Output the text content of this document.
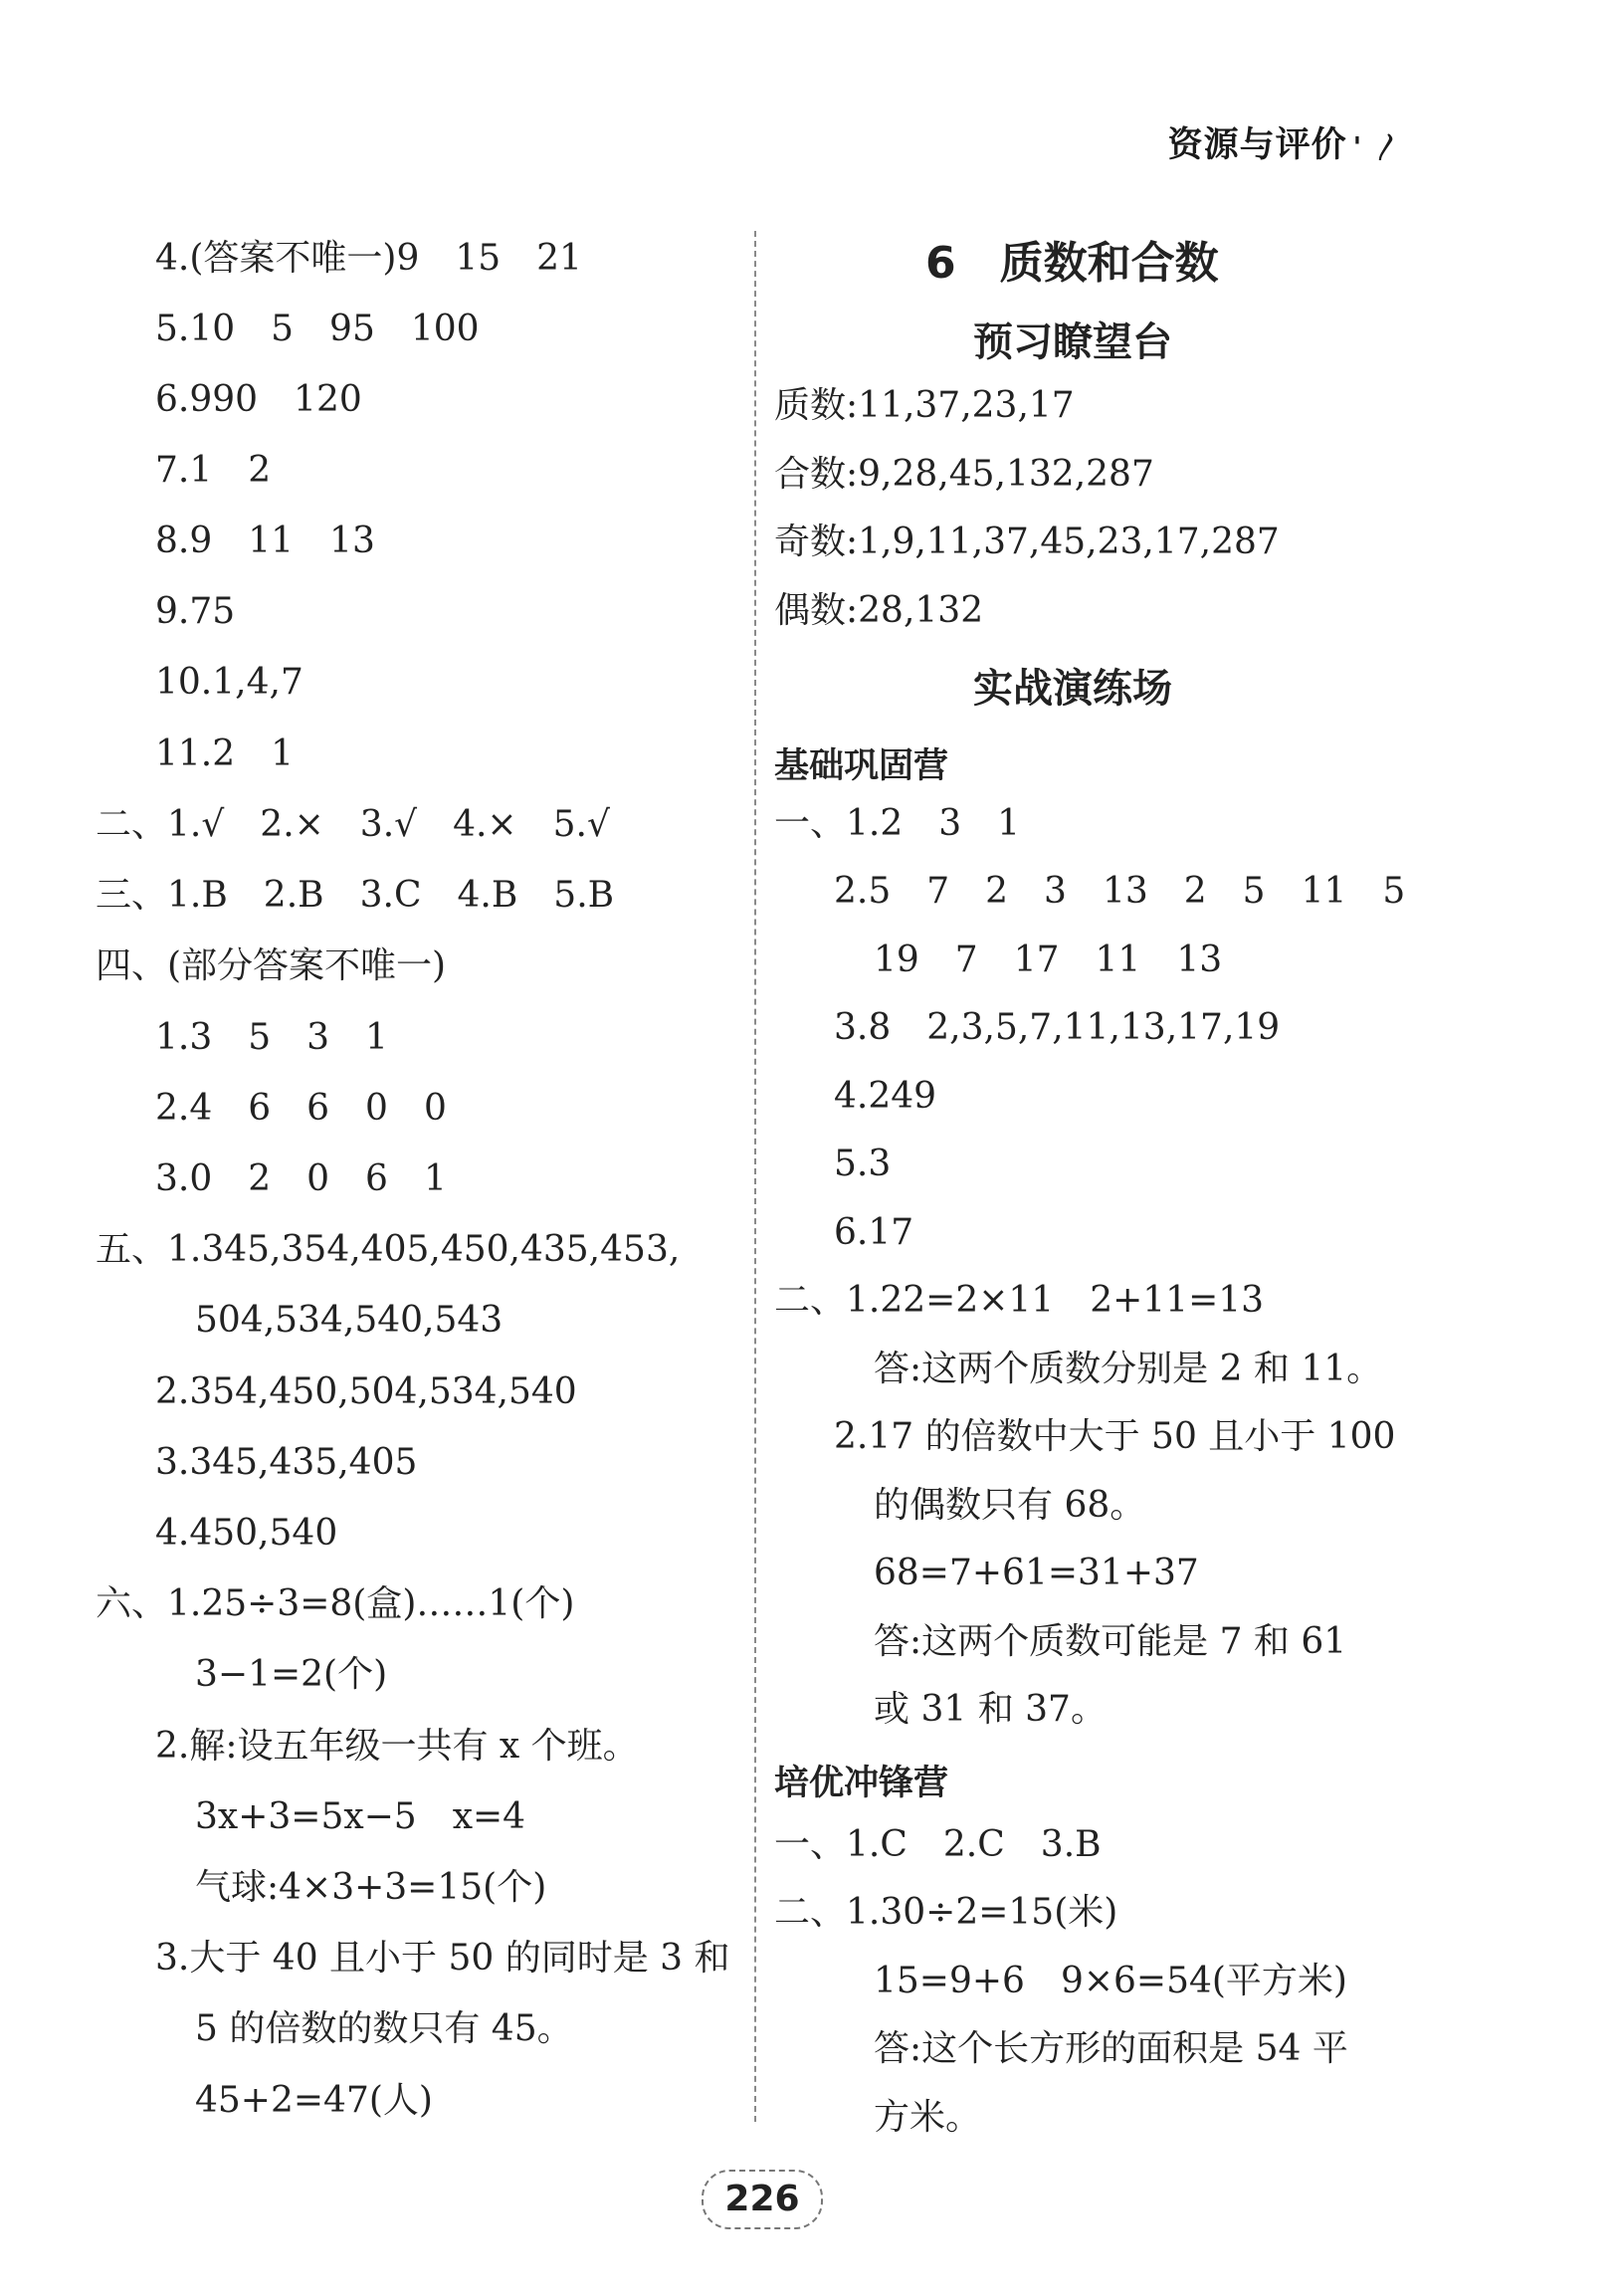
资源与评价 ꞌ 〳
4.(答案不唯一)9　15　21
5.10　5　95　100
6.990　120
7.1　2
8.9　11　13
9.75
10.1,4,7
11.2　1
二、1.√　2.×　3.√　4.×　5.√
三、1.B　2.B　3.C　4.B　5.B
四、(部分答案不唯一)
1.3　5　3　1
2.4　6　6　0　0
3.0　2　0　6　1
五、1.345,354,405,450,435,453,
504,534,540,543
2.354,450,504,534,540
3.345,435,405
4.450,540
六、1.25÷3=8(盒)……1(个)
3−1=2(个)
2.解:设五年级一共有 x 个班。
3x+3=5x−5　x=4
气球:4×3+3=15(个)
3.大于 40 且小于 50 的同时是 3 和
5 的倍数的数只有 45。
45+2=47(人)
6　质数和合数
预习瞭望台
质数:11,37,23,17
合数:9,28,45,132,287
奇数:1,9,11,37,45,23,17,287
偶数:28,132
实战演练场
基础巩固营
一、1.2　3　1
2.5　7　2　3　13　2　5　11　5
19　7　17　11　13
3.8　2,3,5,7,11,13,17,19
4.249
5.3
6.17
二、1.22=2×11　2+11=13
答:这两个质数分别是 2 和 11。
2.17 的倍数中大于 50 且小于 100
的偶数只有 68。
68=7+61=31+37
答:这两个质数可能是 7 和 61
或 31 和 37。
培优冲锋营
一、1.C　2.C　3.B
二、1.30÷2=15(米)
15=9+6　9×6=54(平方米)
答:这个长方形的面积是 54 平
方米。
226
